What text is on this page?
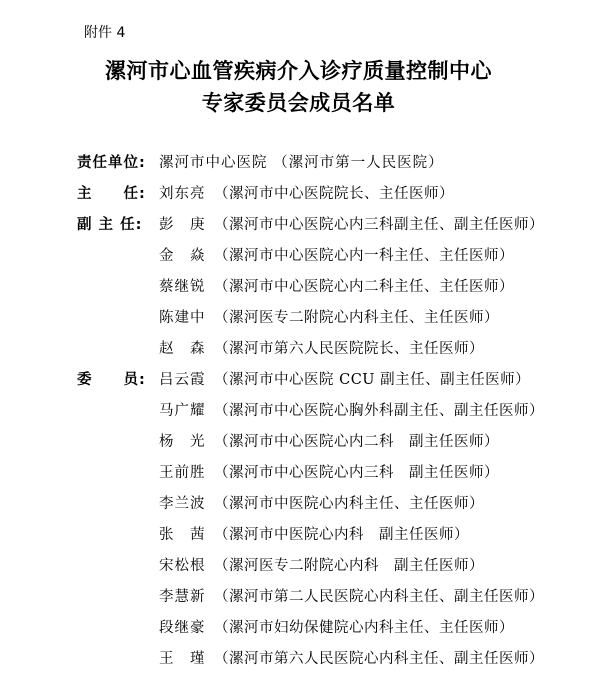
附件 4
漯河市心血管疾病介入诊疗质量控制中心
专家委员会成员名单
责任单位: 漯河市中心医院 （漯河市第一人民医院）
主　　任: 刘东亮 （漯河市中心医院院长、主任医师）
副 主 任:	彭　庚 （漯河市中心医院心内三科副主任、副主任医师）
金　焱 （漯河市中心医院心内一科主任、主任医师）
蔡继锐 （漯河市中心医院心内二科主任、主任医师）
陈建中 （漯河医专二附院心内科主任、主任医师）
赵　森 （漯河市第六人民医院院长、主任医师）
委　　员: 吕云霞 （漯河市中心医院 CCU 副主任、副主任医师）
马广耀 （漯河市中心医院心胸外科副主任、副主任医师）
杨　光 （漯河市中心医院心内二科　副主任医师）
王前胜 （漯河市中心医院心内三科　副主任医师）
李兰波 （漯河市中医院心内科主任、主任医师）
张　茜 （漯河市中医院心内科　副主任医师）
宋松根 （漯河医专二附院心内科　副主任医师）
李慧新 （漯河市第二人民医院心内科主任、副主任医师）
段继豪 （漯河市妇幼保健院心内科主任、主任医师）
王　瑾 （漯河市第六人民医院心内科主任、副主任医师）
